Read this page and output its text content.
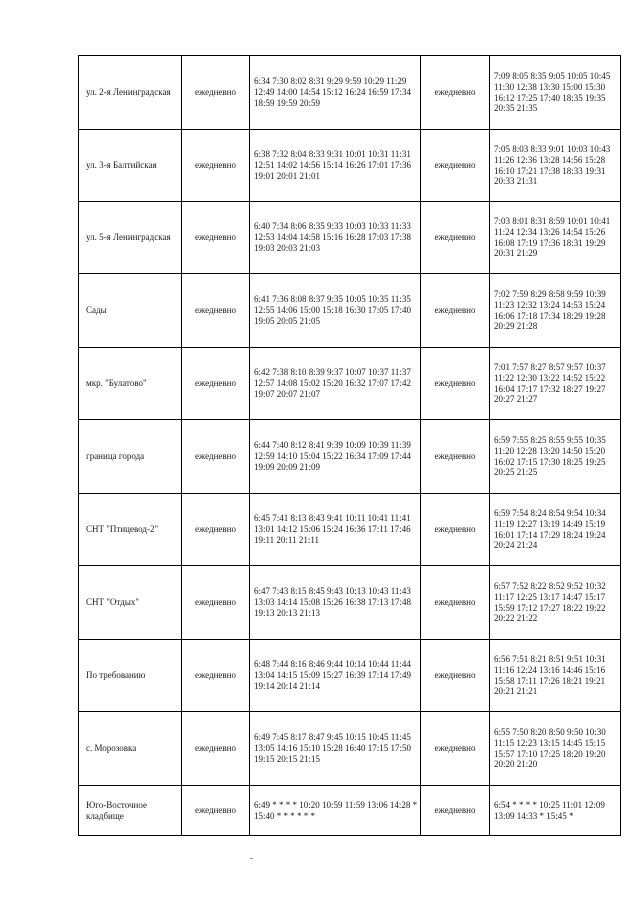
ул. 2-я Ленинградская	ежедневно	6:34 7:30 8:02 8:31 9:29 9:59 10:29 11:29 12:49 14:00 14:54 15:12 16:24 16:59 17:34 18:59 19:59 20:59	ежедневно	7:09 8:05 8:35 9:05 10:05 10:45 11:30 12:38 13:30 15:00 15:30 16:12 17:25 17:40 18:35 19:35 20:35 21:35

ул. 3-я Балтийская	ежедневно	6:38 7:32 8:04 8:33 9:31 10:01 10:31 11:31 12:51 14:02 14:56 15:14 16:26 17:01 17:36 19:01 20:01 21:01	ежедневно	7:05 8:03 8:33 9:01 10:03 10:43 11:26 12:36 13:28 14:56 15:28 16:10 17:21 17:38 18:33 19:31 20:33 21:31

ул. 5-я Ленинградская	ежедневно	6:40 7:34 8:06 8:35 9:33 10:03 10:33 11:33 12:53 14:04 14:58 15:16 16:28 17:03 17:38 19:03 20:03 21:03	ежедневно	7:03 8:01 8:31 8:59 10:01 10:41 11:24 12:34 13:26 14:54 15:26 16:08 17:19 17:36 18:31 19:29 20:31 21:29

Сады	ежедневно	6:41 7:36 8:08 8:37 9:35 10:05 10:35 11:35 12:55 14:06 15:00 15:18 16:30 17:05 17:40 19:05 20:05 21:05	ежедневно	7:02 7:59 8:29 8:58 9:59 10:39 11:23 12:32 13:24 14:53 15:24 16:06 17:18 17:34 18:29 19:28 20:29 21:28

мкр. "Булатово"	ежедневно	6:42 7:38 8:10 8:39 9:37 10:07 10:37 11:37 12:57 14:08 15:02 15:20 16:32 17:07 17:42 19:07 20:07 21:07	ежедневно	7:01 7:57 8:27 8:57 9:57 10:37 11:22 12:30 13:22 14:52 15:22 16:04 17:17 17:32 18:27 19:27 20:27 21:27

граница города	ежедневно	6:44 7:40 8:12 8:41 9:39 10:09 10:39 11:39 12:59 14:10 15:04 15:22 16:34 17:09 17:44 19:09 20:09 21:09	ежедневно	6:59 7:55 8:25 8:55 9:55 10:35 11:20 12:28 13:20 14:50 15:20 16:02 17:15 17:30 18:25 19:25 20:25 21:25

СНТ "Птицевод-2"	ежедневно	6:45 7:41 8:13 8:43 9:41 10:11 10:41 11:41 13:01 14:12 15:06 15:24 16:36 17:11 17:46 19:11 20:11 21:11	ежедневно	6:59 7:54 8:24 8:54 9:54 10:34 11:19 12:27 13:19 14:49 15:19 16:01 17:14 17:29 18:24 19:24 20:24 21:24

СНТ "Отдых"	ежедневно	6:47 7:43 8:15 8:45 9:43 10:13 10:43 11:43 13:03 14:14 15:08 15:26 16:38 17:13 17:48 19:13 20:13 21:13	ежедневно	6:57 7:52 8:22 8:52 9:52 10:32 11:17 12:25 13:17 14:47 15:17 15:59 17:12 17:27 18:22 19:22 20:22 21:22

По требованию	ежедневно	6:48 7:44 8:16 8:46 9:44 10:14 10:44 11:44 13:04 14:15 15:09 15:27 16:39 17:14 17:49 19:14 20:14 21:14	ежедневно	6:56 7:51 8:21 8:51 9:51 10:31 11:16 12:24 13:16 14:46 15:16 15:58 17:11 17:26 18:21 19:21 20:21 21:21

с. Морозовка	ежедневно	6:49 7:45 8:17 8:47 9:45 10:15 10:45 11:45 13:05 14:16 15:10 15:28 16:40 17:15 17:50 19:15 20:15 21:15	ежедневно	6:55 7:50 8:20 8:50 9:50 10:30 11:15 12:23 13:15 14:45 15:15 15:57 17:10 17:25 18:20 19:20 20:20 21:20

Юго-Восточное кладбище	ежедневно	6:49 * * * * 10:20 10:59 11:59 13:06 14:28 * 15:40 * * * * * *	ежедневно	6:54 * * * * 10:25 11:01 12:09 13:09 14:33 * 15:45 *
